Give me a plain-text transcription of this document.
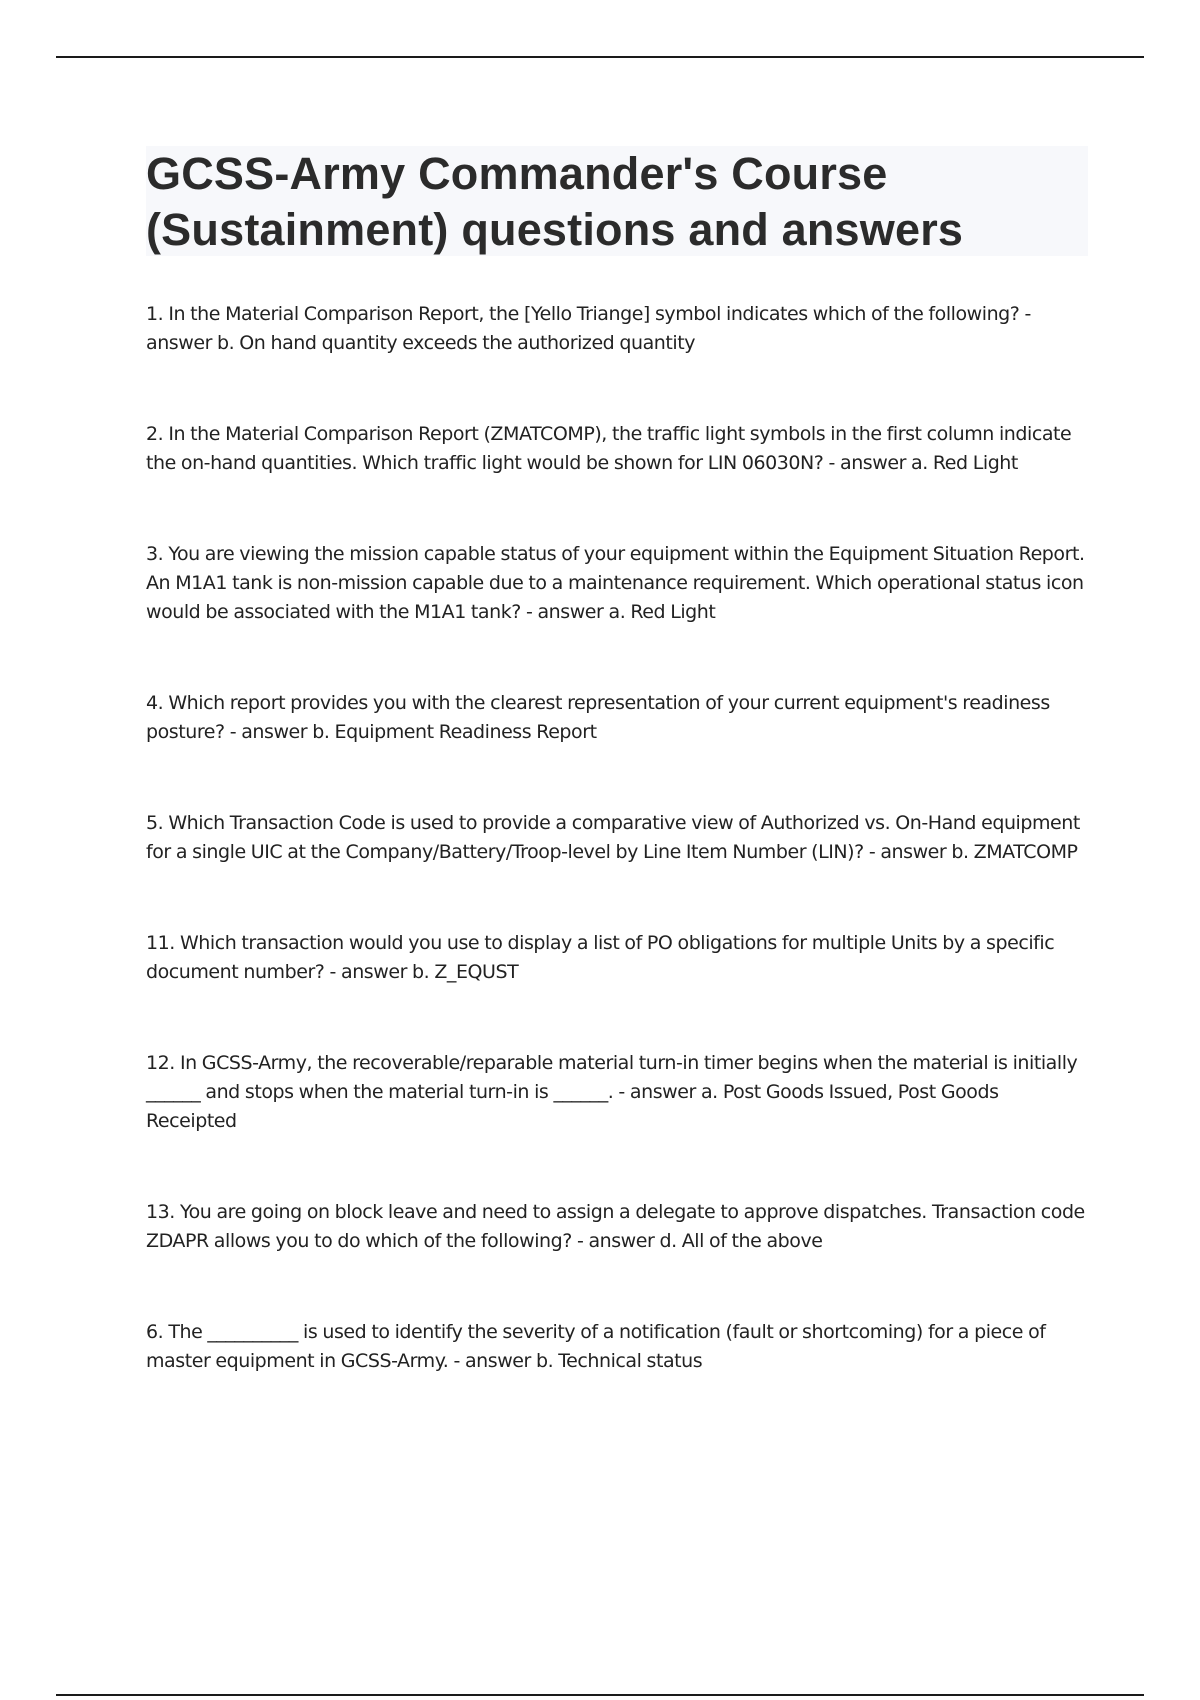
GCSS-Army Commander's Course
(Sustainment) questions and answers

1. In the Material Comparison Report, the [Yello Triange] symbol indicates which of the following? - answer b. On hand quantity exceeds the authorized quantity

2. In the Material Comparison Report (ZMATCOMP), the traffic light symbols in the first column indicate the on-hand quantities. Which traffic light would be shown for LIN 06030N? - answer a. Red Light

3. You are viewing the mission capable status of your equipment within the Equipment Situation Report. An M1A1 tank is non-mission capable due to a maintenance requirement. Which operational status icon would be associated with the M1A1 tank? - answer a. Red Light

4. Which report provides you with the clearest representation of your current equipment's readiness posture? - answer b. Equipment Readiness Report

5. Which Transaction Code is used to provide a comparative view of Authorized vs. On-Hand equipment for a single UIC at the Company/Battery/Troop-level by Line Item Number (LIN)? - answer b. ZMATCOMP

11. Which transaction would you use to display a list of PO obligations for multiple Units by a specific document number? - answer b. Z_EQUST

12. In GCSS-Army, the recoverable/reparable material turn-in timer begins when the material is initially ______ and stops when the material turn-in is ______. - answer a. Post Goods Issued, Post Goods Receipted

13. You are going on block leave and need to assign a delegate to approve dispatches. Transaction code ZDAPR allows you to do which of the following? - answer d. All of the above

6. The __________ is used to identify the severity of a notification (fault or shortcoming) for a piece of master equipment in GCSS-Army. - answer b. Technical status
